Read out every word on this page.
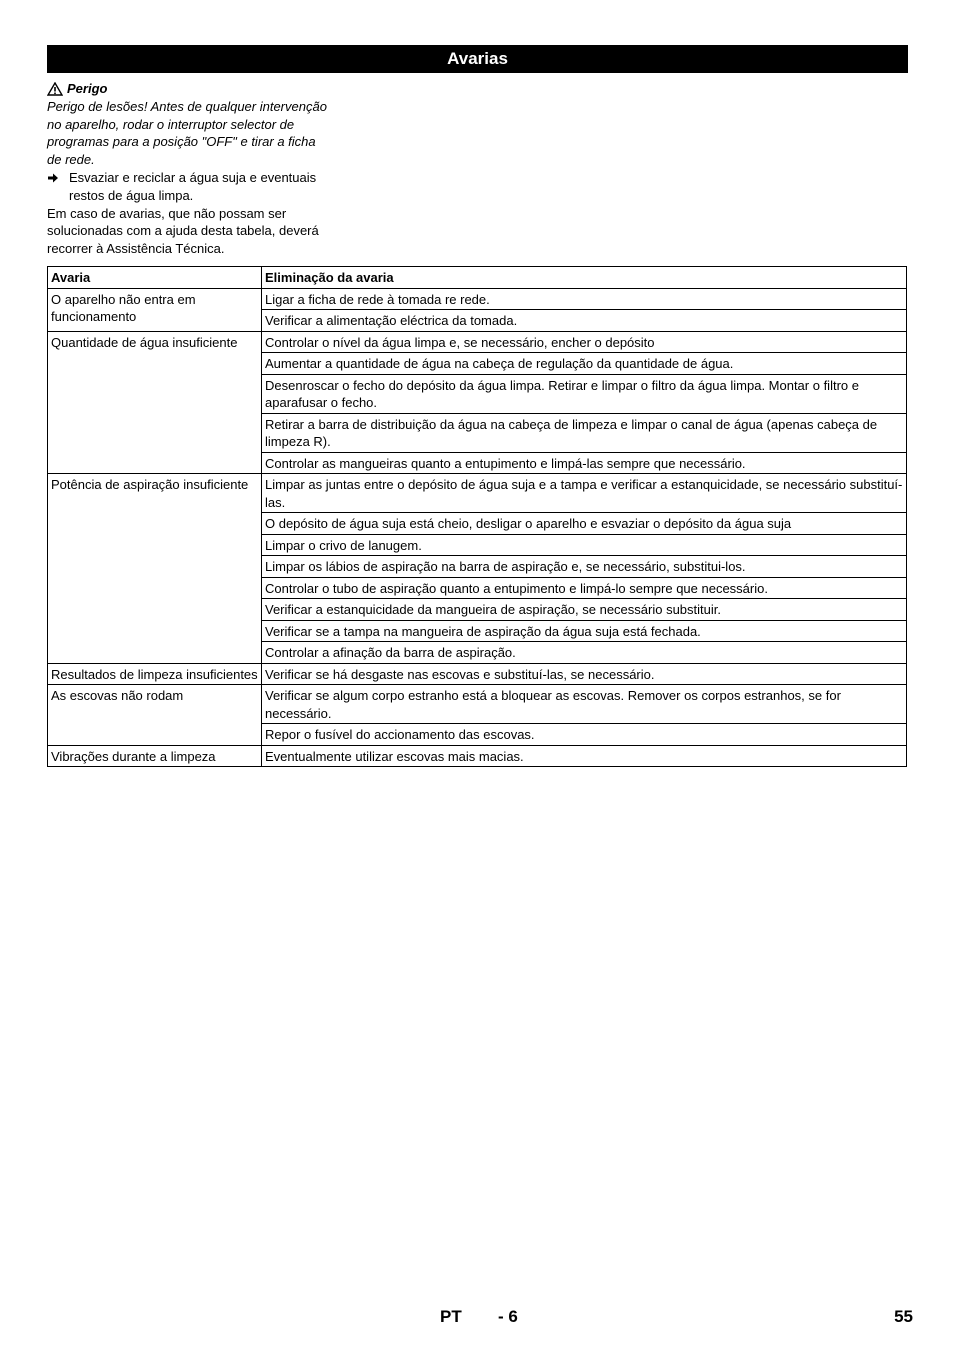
Avarias
Perigo

Perigo de lesões! Antes de qualquer intervenção no aparelho, rodar o interruptor selector de programas para a posição "OFF" e tirar a ficha de rede.

Esvaziar e reciclar a água suja e eventuais restos de água limpa.

Em caso de avarias, que não possam ser solucionadas com a ajuda desta tabela, deverá recorrer à Assistência Técnica.

Avaria	Eliminação da avaria
O aparelho não entra em funcionamento	Ligar a ficha de rede à tomada re rede.
	Verificar a alimentação eléctrica da tomada.
Quantidade de água insuficiente	Controlar o nível da água limpa e, se necessário, encher o depósito
	Aumentar a quantidade de água na cabeça de regulação da quantidade de água.
	Desenroscar o fecho do depósito da água limpa. Retirar e limpar o filtro da água limpa. Montar o filtro e aparafusar o fecho.
	Retirar a barra de distribuição da água na cabeça de limpeza e limpar o canal de água (apenas cabeça de limpeza R).
	Controlar as mangueiras quanto a entupimento e limpá-las sempre que necessário.
Potência de aspiração insuficiente	Limpar as juntas entre o depósito de água suja e a tampa e verificar a estanquicidade, se necessário substituí-las.
	O depósito de água suja está cheio, desligar o aparelho e esvaziar o depósito da água suja
	Limpar o crivo de lanugem.
	Limpar os lábios de aspiração na barra de aspiração e, se necessário, substitui-los.
	Controlar o tubo de aspiração quanto a entupimento e limpá-lo sempre que necessário.
	Verificar a estanquicidade da mangueira de aspiração, se necessário substituir.
	Verificar se a tampa na mangueira de aspiração da água suja está fechada.
	Controlar a afinação da barra de aspiração.
Resultados de limpeza insuficientes	Verificar se há desgaste nas escovas e substituí-las, se necessário.
As escovas não rodam	Verificar se algum corpo estranho está a bloquear as escovas. Remover os corpos estranhos, se for necessário.
	Repor o fusível do accionamento das escovas.
Vibrações durante a limpeza	Eventualmente utilizar escovas mais macias.
PT - 6	55
